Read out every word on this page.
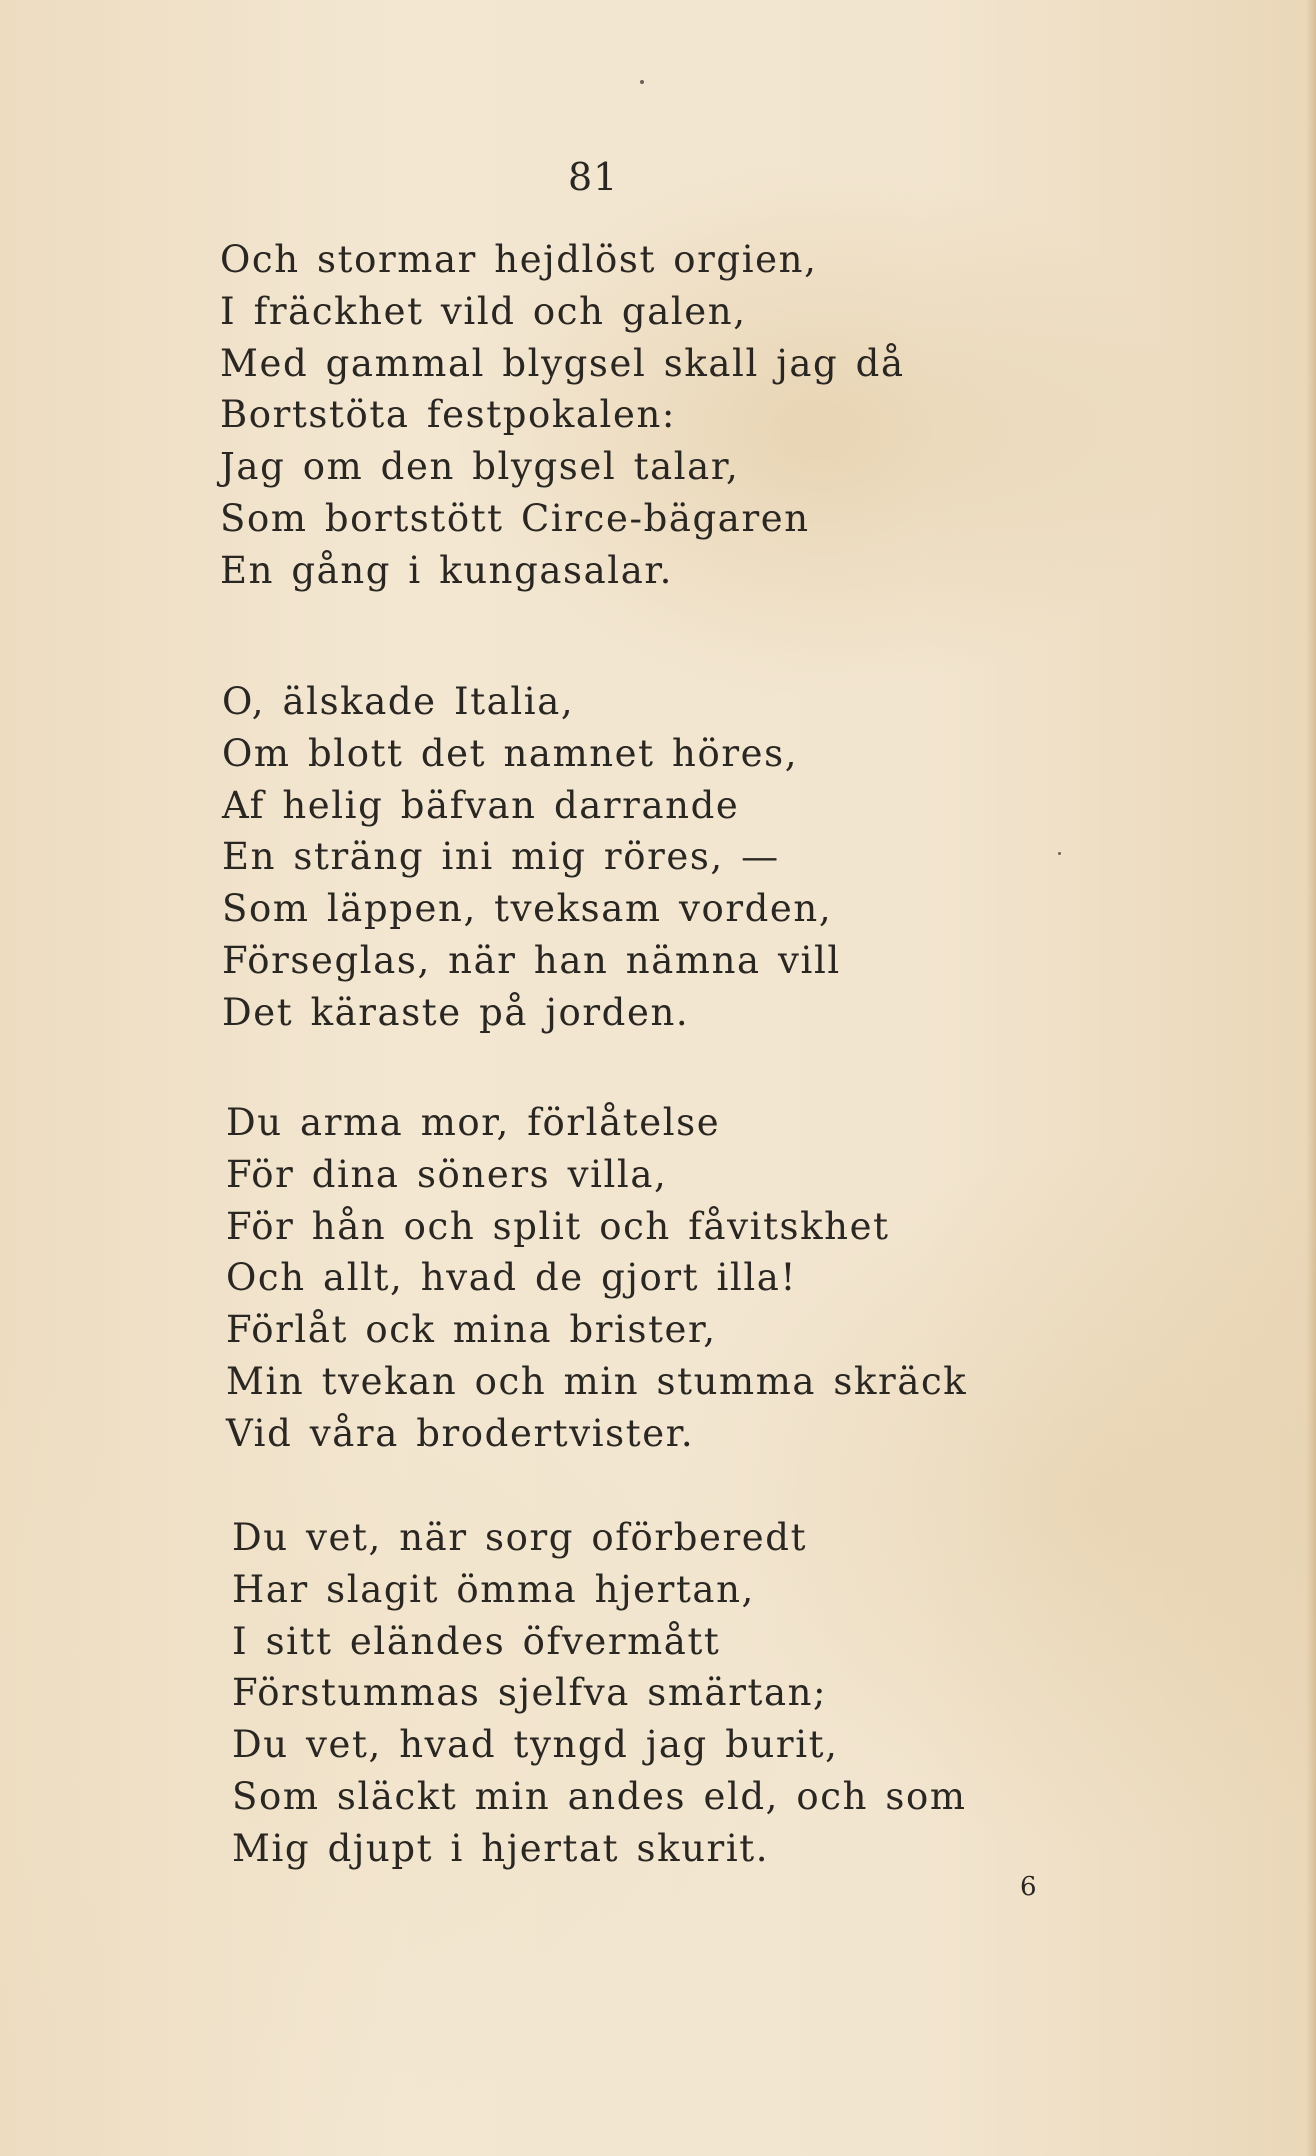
81
Och stormar hejdlöst orgien,
I fräckhet vild och galen,
Med gammal blygsel skall jag då
Bortstöta festpokalen:
Jag om den blygsel talar,
Som bortstött Circe-bägaren
En gång i kungasalar.
O, älskade Italia,
Om blott det namnet höres,
Af helig bäfvan darrande
En sträng ini mig röres, —
Som läppen, tveksam vorden,
Förseglas, när han nämna vill
Det käraste på jorden.
Du arma mor, förlåtelse
För dina söners villa,
För hån och split och fåvitskhet
Och allt, hvad de gjort illa!
Förlåt ock mina brister,
Min tvekan och min stumma skräck
Vid våra brodertvister.
Du vet, när sorg oförberedt
Har slagit ömma hjertan,
I sitt eländes öfvermått
Förstummas sjelfva smärtan;
Du vet, hvad tyngd jag burit,
Som släckt min andes eld, och som
Mig djupt i hjertat skurit.
6
